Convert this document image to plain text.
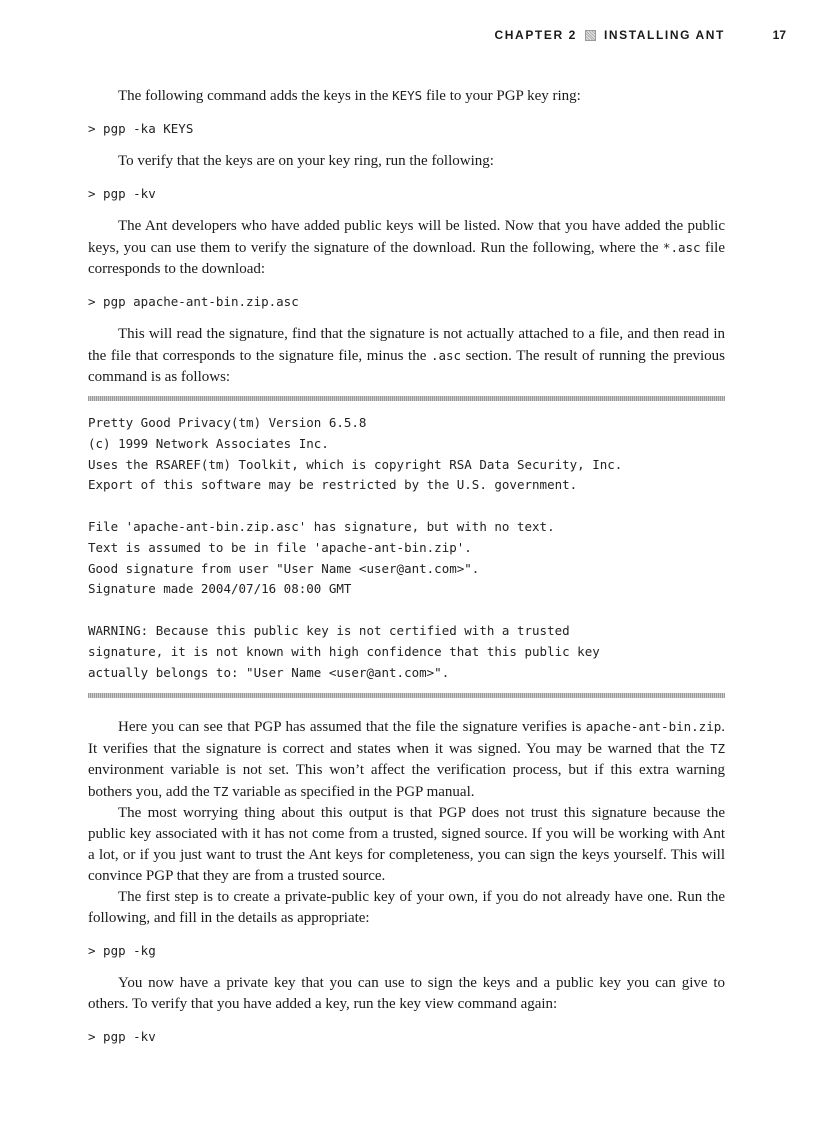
CHAPTER 2 INSTALLING ANT	17

The following command adds the keys in the KEYS file to your PGP key ring:

> pgp -ka KEYS

To verify that the keys are on your key ring, run the following:

> pgp -kv

The Ant developers who have added public keys will be listed. Now that you have added the public keys, you can use them to verify the signature of the download. Run the following, where the *.asc file corresponds to the download:

> pgp apache-ant-bin.zip.asc

This will read the signature, find that the signature is not actually attached to a file, and then read in the file that corresponds to the signature file, minus the .asc section. The result of running the previous command is as follows:

Pretty Good Privacy(tm) Version 6.5.8
(c) 1999 Network Associates Inc.
Uses the RSAREF(tm) Toolkit, which is copyright RSA Data Security, Inc.
Export of this software may be restricted by the U.S. government.

File 'apache-ant-bin.zip.asc' has signature, but with no text.
Text is assumed to be in file 'apache-ant-bin.zip'.
Good signature from user "User Name <user@ant.com>".
Signature made 2004/07/16 08:00 GMT

WARNING: Because this public key is not certified with a trusted
signature, it is not known with high confidence that this public key
actually belongs to: "User Name <user@ant.com>".

Here you can see that PGP has assumed that the file the signature verifies is apache-ant-bin.zip. It verifies that the signature is correct and states when it was signed. You may be warned that the TZ environment variable is not set. This won’t affect the verification process, but if this extra warning bothers you, add the TZ variable as specified in the PGP manual.

The most worrying thing about this output is that PGP does not trust this signature because the public key associated with it has not come from a trusted, signed source. If you will be working with Ant a lot, or if you just want to trust the Ant keys for completeness, you can sign the keys yourself. This will convince PGP that they are from a trusted source.

The first step is to create a private-public key of your own, if you do not already have one. Run the following, and fill in the details as appropriate:

> pgp -kg

You now have a private key that you can use to sign the keys and a public key you can give to others. To verify that you have added a key, run the key view command again:

> pgp -kv
